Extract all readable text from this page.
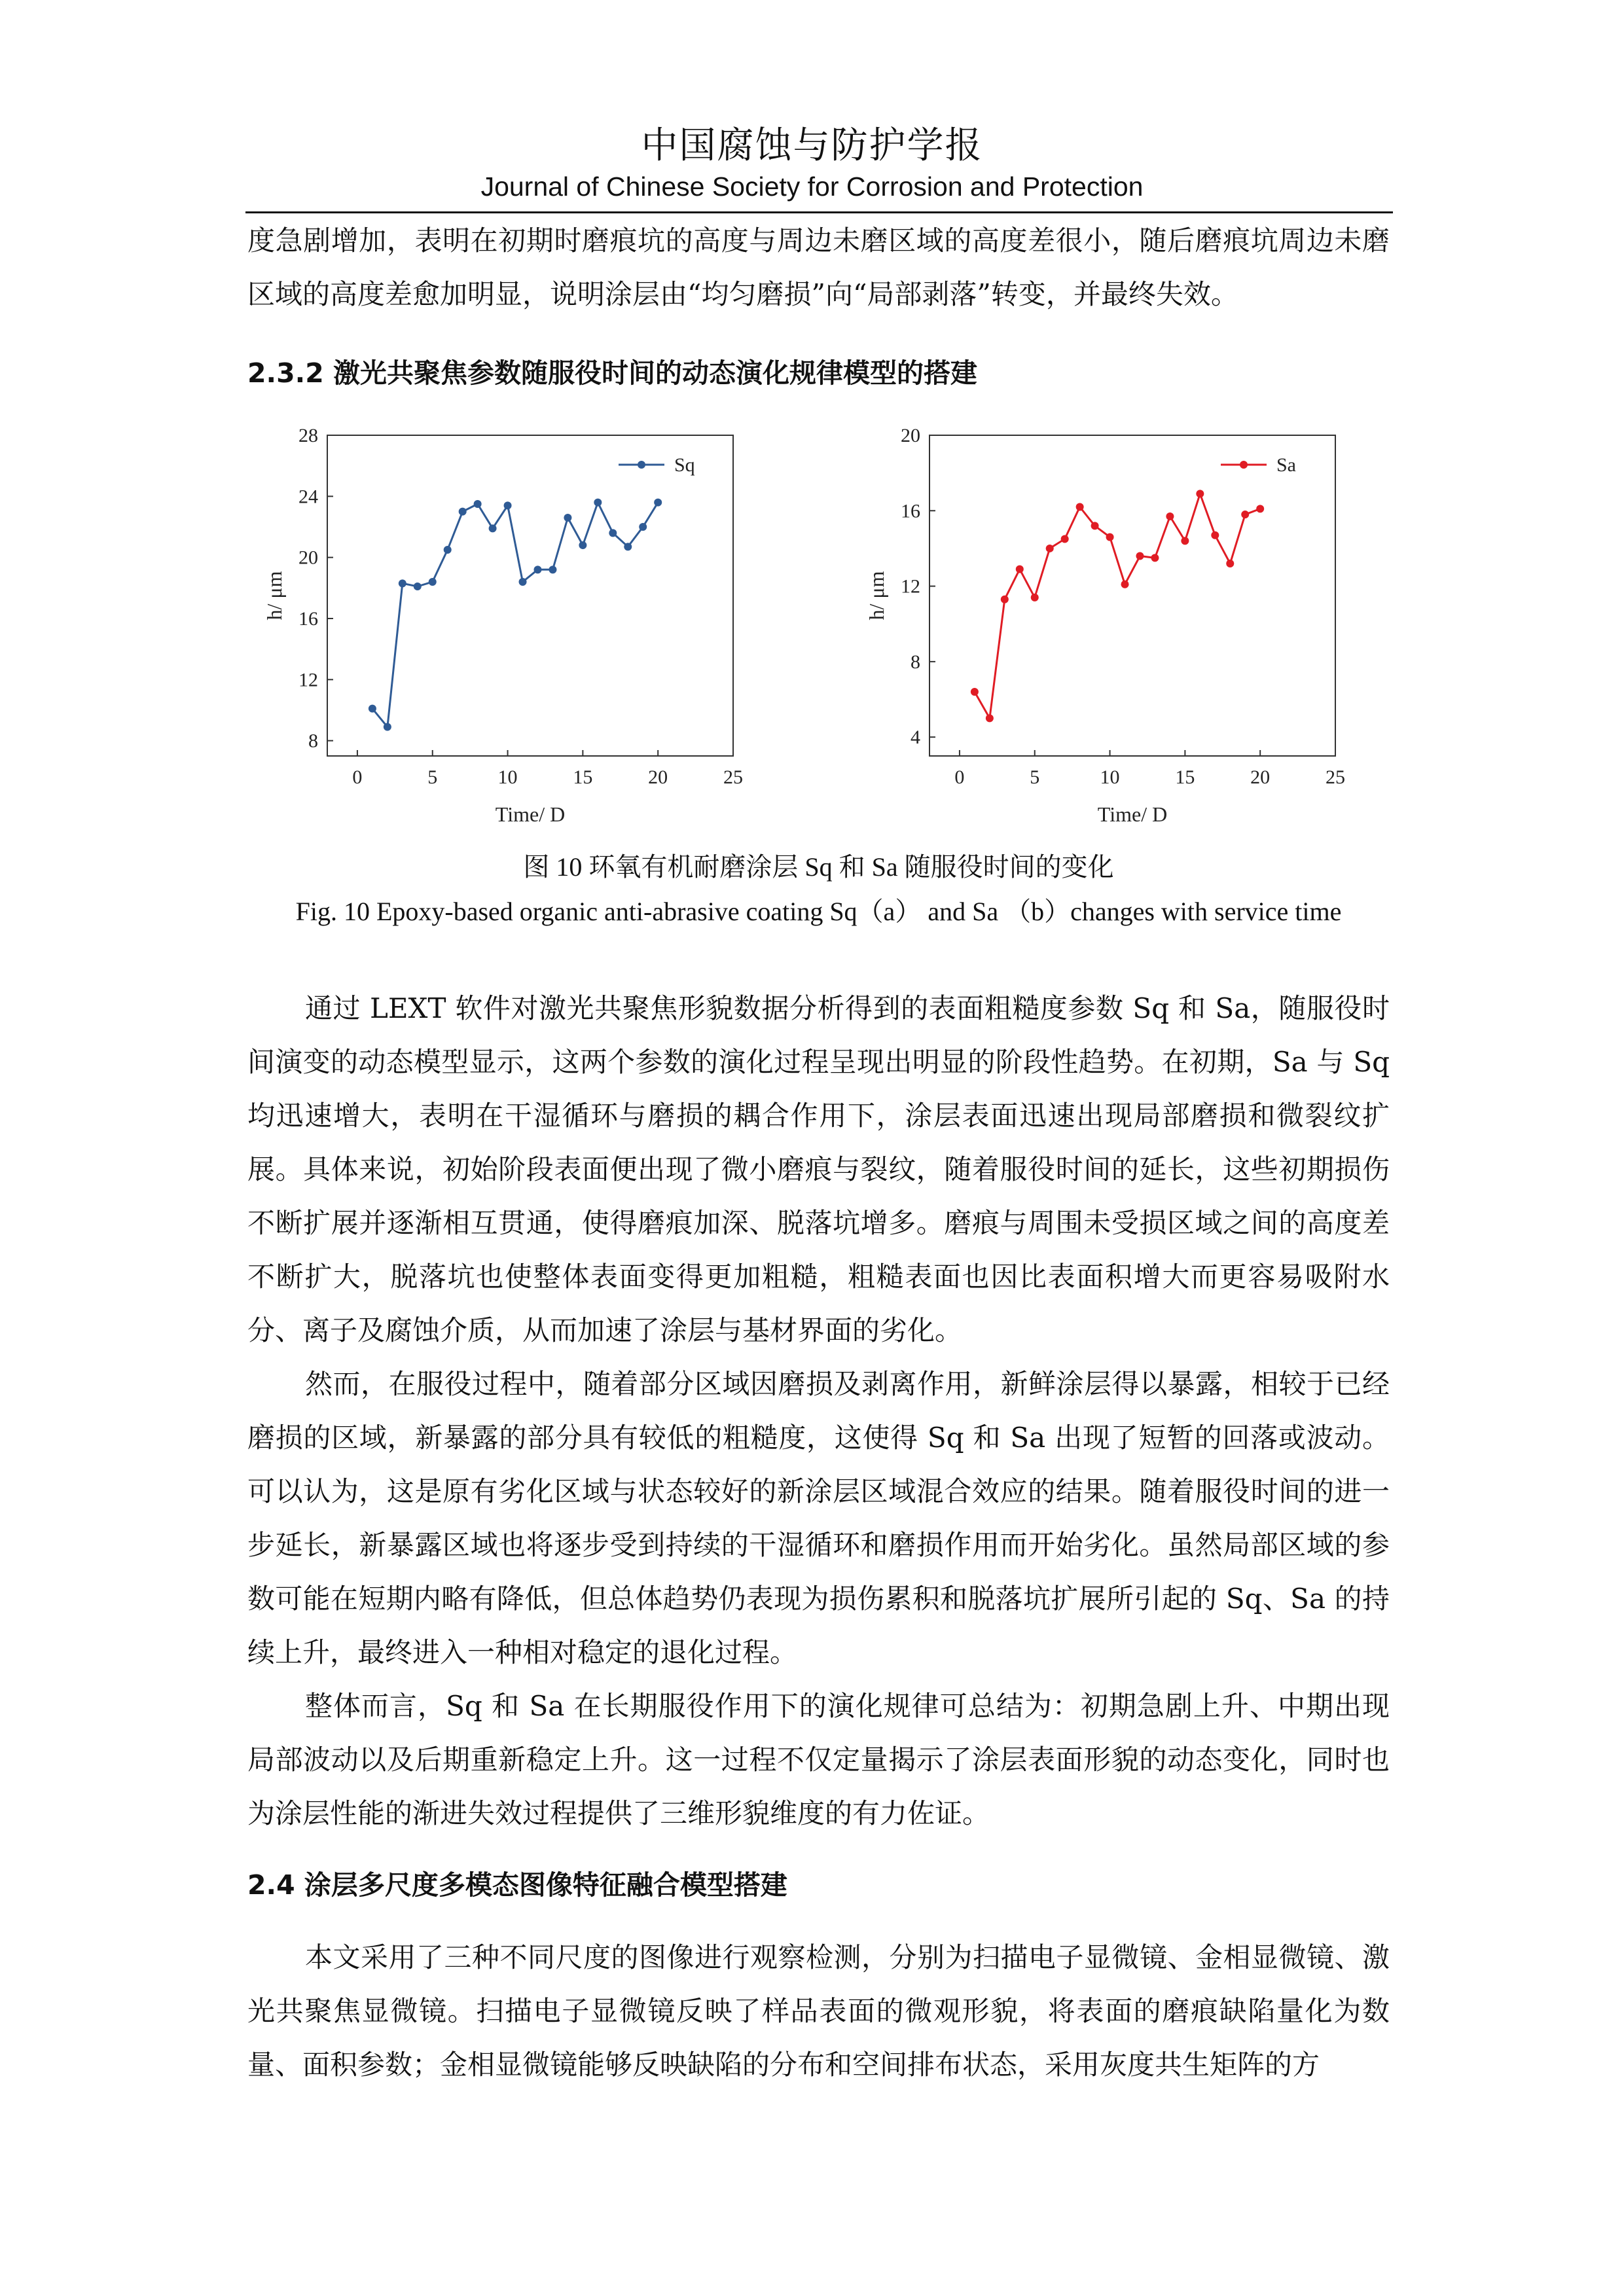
中国腐蚀与防护学报
Journal of Chinese Society for Corrosion and Protection

度急剧增加，表明在初期时磨痕坑的高度与周边未磨区域的高度差很小，随后磨痕坑周边未磨区域的高度差愈加明显，说明涂层由“均匀磨损”向“局部剥落”转变，并最终失效。

2.3.2 激光共聚焦参数随服役时间的动态演化规律模型的搭建

0	5	10	15	20	25
8
12
16
20
24
28
Time/ D
h/ μm
Sq
0	5	10	15	20	25
4
8
12
16
20
Time/ D
h/ μm
Sa

图 10 环氧有机耐磨涂层 Sq 和 Sa 随服役时间的变化

Fig. 10 Epoxy-based organic anti-abrasive coating Sq（a） and Sa （b）changes with service time

通过 LEXT 软件对激光共聚焦形貌数据分析得到的表面粗糙度参数 Sq 和 Sa，随服役时间演变的动态模型显示，这两个参数的演化过程呈现出明显的阶段性趋势。在初期，Sa 与 Sq 均迅速增大，表明在干湿循环与磨损的耦合作用下，涂层表面迅速出现局部磨损和微裂纹扩展。具体来说，初始阶段表面便出现了微小磨痕与裂纹，随着服役时间的延长，这些初期损伤不断扩展并逐渐相互贯通，使得磨痕加深、脱落坑增多。磨痕与周围未受损区域之间的高度差不断扩大，脱落坑也使整体表面变得更加粗糙，粗糙表面也因比表面积增大而更容易吸附水分、离子及腐蚀介质，从而加速了涂层与基材界面的劣化。

然而，在服役过程中，随着部分区域因磨损及剥离作用，新鲜涂层得以暴露，相较于已经磨损的区域，新暴露的部分具有较低的粗糙度，这使得 Sq 和 Sa 出现了短暂的回落或波动。可以认为，这是原有劣化区域与状态较好的新涂层区域混合效应的结果。随着服役时间的进一步延长，新暴露区域也将逐步受到持续的干湿循环和磨损作用而开始劣化。虽然局部区域的参数可能在短期内略有降低，但总体趋势仍表现为损伤累积和脱落坑扩展所引起的 Sq、Sa 的持续上升，最终进入一种相对稳定的退化过程。

整体而言，Sq 和 Sa 在长期服役作用下的演化规律可总结为：初期急剧上升、中期出现局部波动以及后期重新稳定上升。这一过程不仅定量揭示了涂层表面形貌的动态变化，同时也为涂层性能的渐进失效过程提供了三维形貌维度的有力佐证。

2.4 涂层多尺度多模态图像特征融合模型搭建

本文采用了三种不同尺度的图像进行观察检测，分别为扫描电子显微镜、金相显微镜、激光共聚焦显微镜。扫描电子显微镜反映了样品表面的微观形貌，将表面的磨痕缺陷量化为数量、面积参数；金相显微镜能够反映缺陷的分布和空间排布状态，采用灰度共生矩阵的方
